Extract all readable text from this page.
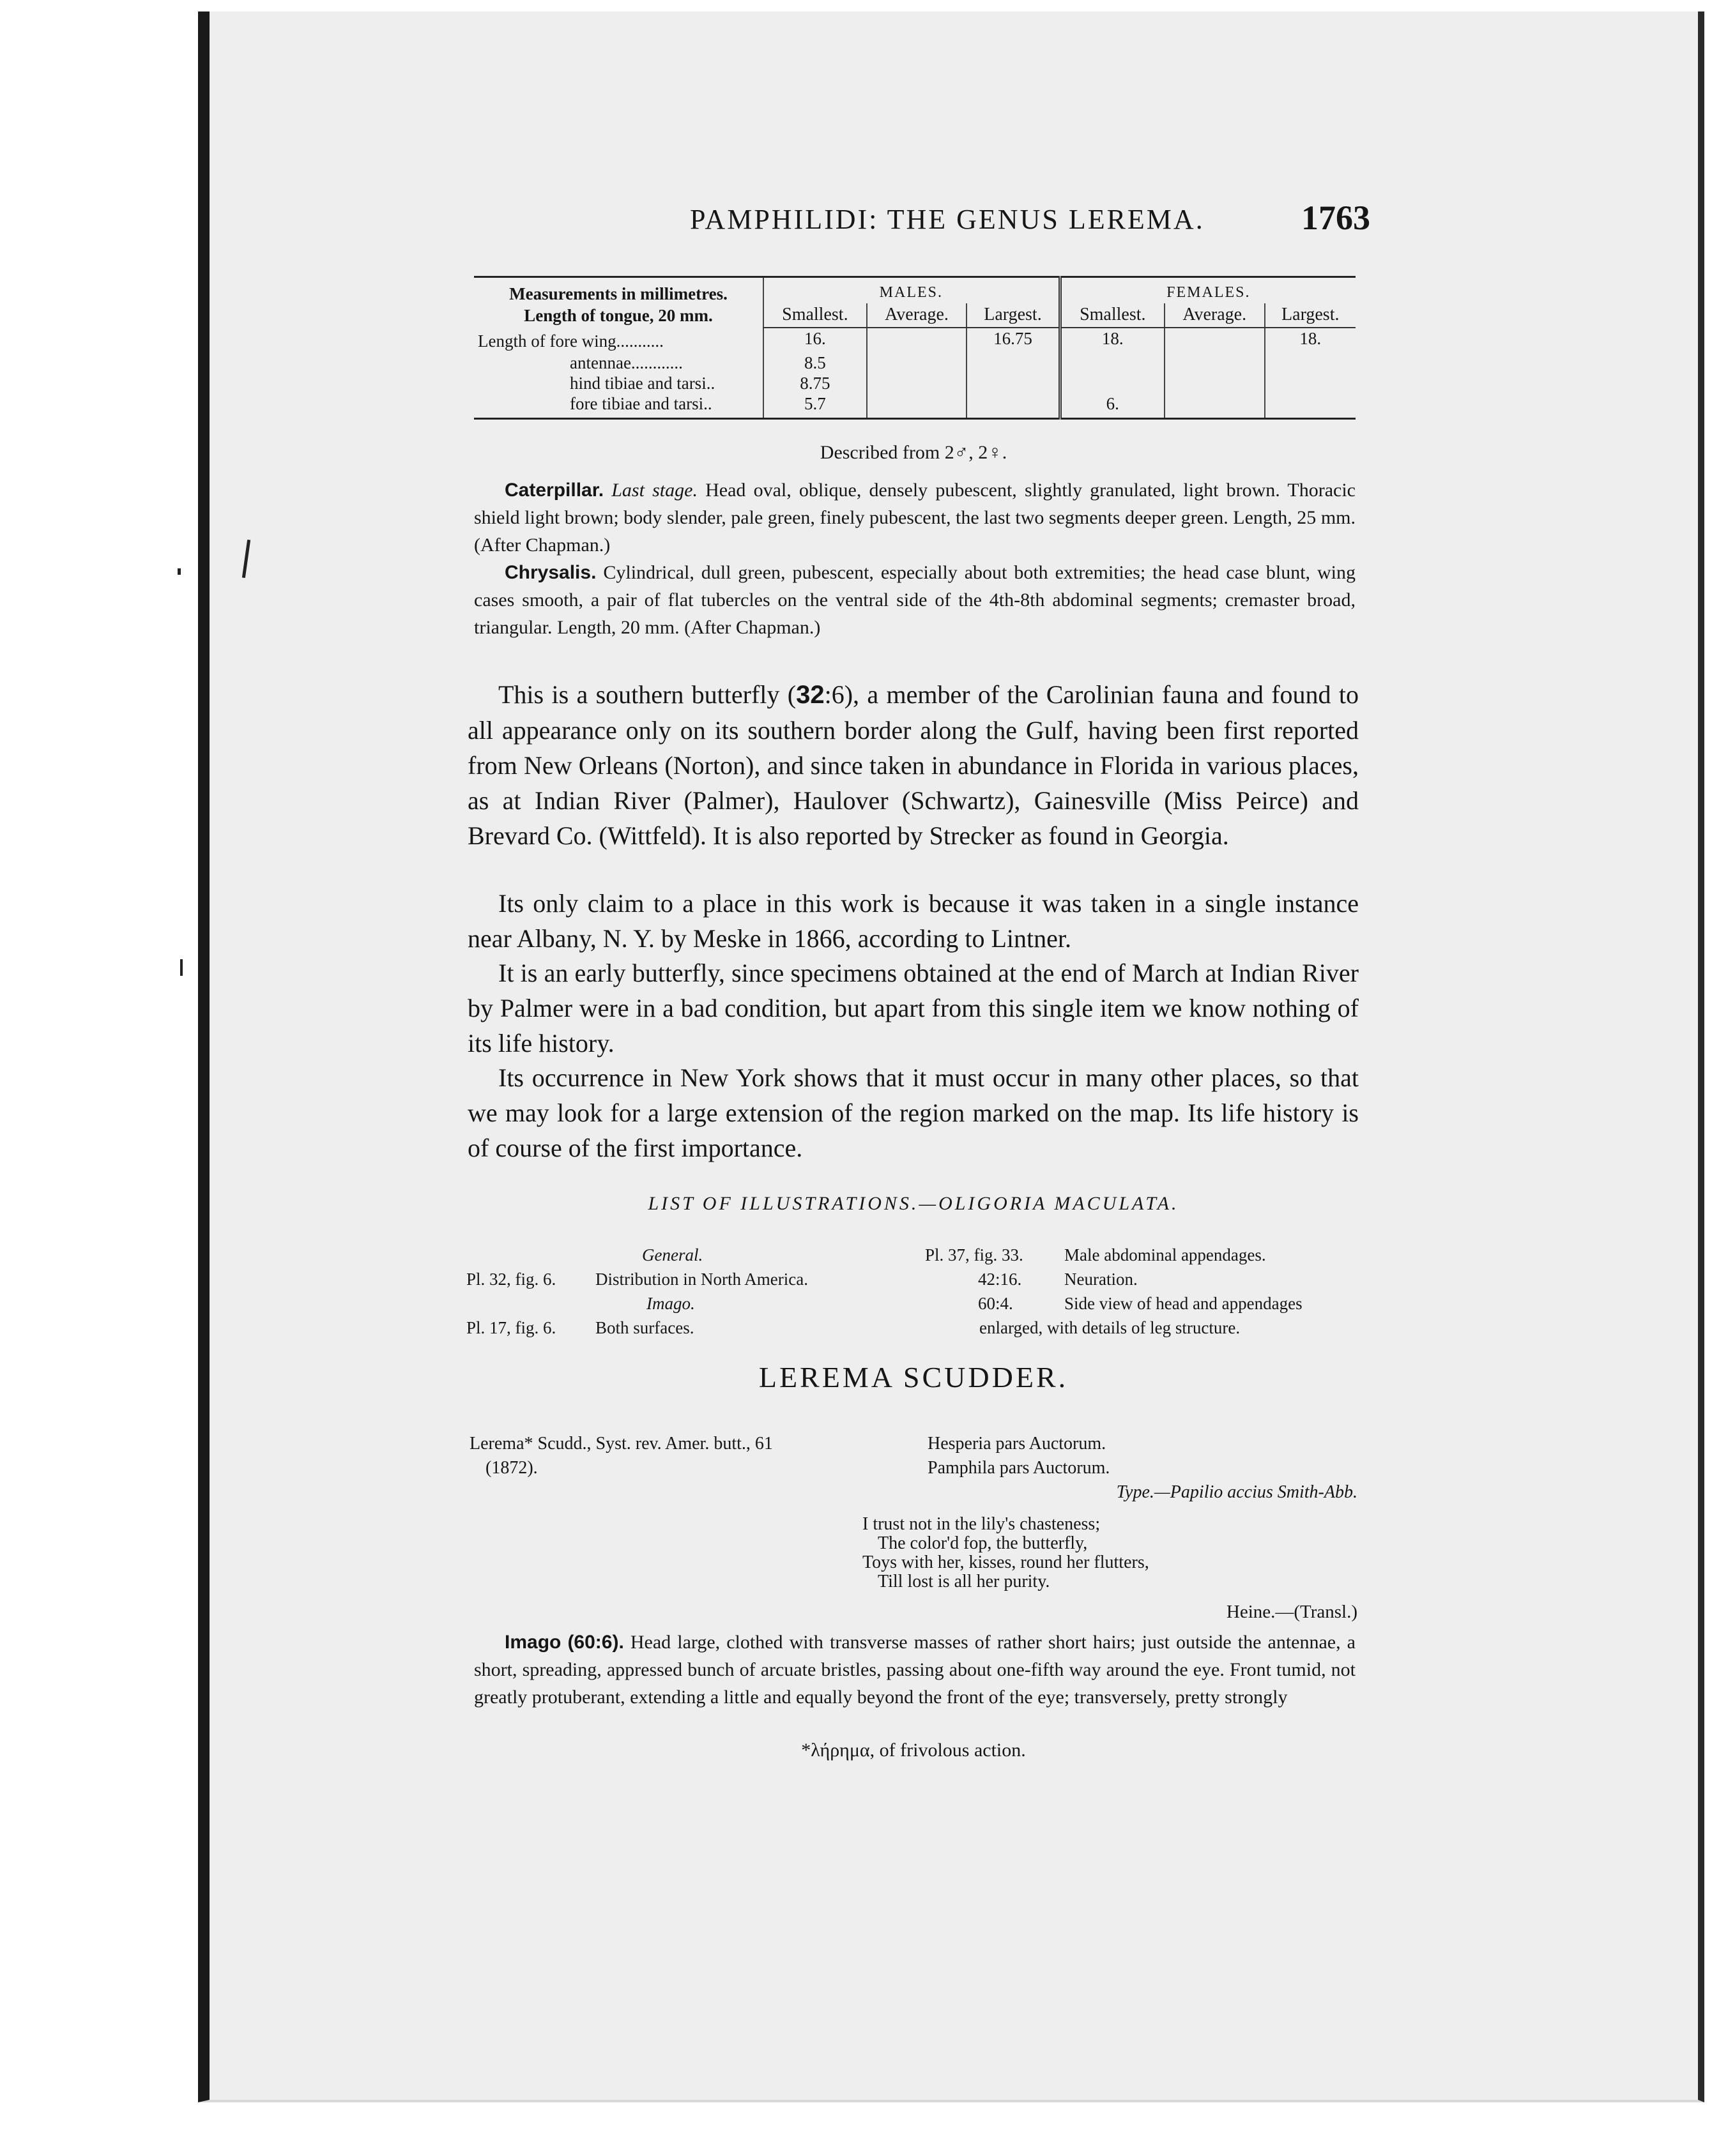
PAMPHILIDI: THE GENUS LEREMA.	1763
Measurements in millimetres.
Length of tongue, 20 mm.	MALES.			FEMALES.		
	Smallest.	Average.	Largest.	Smallest.	Average.	Largest.
Length of fore wing...........	16.		16.75	18.		18.
antennae............	8.5					
hind tibiae and tarsi..	8.75					
fore tibiae and tarsi..	5.7			6.		
Described from 2♂, 2♀.
Caterpillar. Last stage. Head oval, oblique, densely pubescent, slightly granulated, light brown. Thoracic shield light brown; body slender, pale green, finely pubescent, the last two segments deeper green. Length, 25 mm. (After Chapman.)
Chrysalis. Cylindrical, dull green, pubescent, especially about both extremities; the head case blunt, wing cases smooth, a pair of flat tubercles on the ventral side of the 4th-8th abdominal segments; cremaster broad, triangular. Length, 20 mm. (After Chapman.)
This is a southern butterfly (32:6), a member of the Carolinian fauna and found to all appearance only on its southern border along the Gulf, having been first reported from New Orleans (Norton), and since taken in abundance in Florida in various places, as at Indian River (Palmer), Haulover (Schwartz), Gainesville (Miss Peirce) and Brevard Co. (Wittfeld). It is also reported by Strecker as found in Georgia.
Its only claim to a place in this work is because it was taken in a single instance near Albany, N. Y. by Meske in 1866, according to Lintner.
It is an early butterfly, since specimens obtained at the end of March at Indian River by Palmer were in a bad condition, but apart from this single item we know nothing of its life history.
Its occurrence in New York shows that it must occur in many other places, so that we may look for a large extension of the region marked on the map. Its life history is of course of the first importance.
LIST OF ILLUSTRATIONS.—OLIGORIA MACULATA.
General.
Pl. 32, fig. 6. Distribution in North America.
Imago.
Pl. 17, fig. 6. Both surfaces.
Pl. 37, fig. 33. Male abdominal appendages.
42:16. Neuration.
60:4.	Side view of head and appendages
enlarged, with details of leg structure.
LEREMA SCUDDER.
Lerema* Scudd., Syst. rev. Amer. butt., 61
(1872).
Hesperia pars Auctorum.
Pamphila pars Auctorum.
Type.—Papilio accius Smith-Abb.
I trust not in the lily's chasteness;
The color'd fop, the butterfly,
Toys with her, kisses, round her flutters,
Till lost is all her purity.
Heine.—(Transl.)
Imago (60:6). Head large, clothed with transverse masses of rather short hairs; just outside the antennae, a short, spreading, appressed bunch of arcuate bristles, passing about one-fifth way around the eye. Front tumid, not greatly protuberant, extending a little and equally beyond the front of the eye; transversely, pretty strongly
*λήρημα, of frivolous action.
